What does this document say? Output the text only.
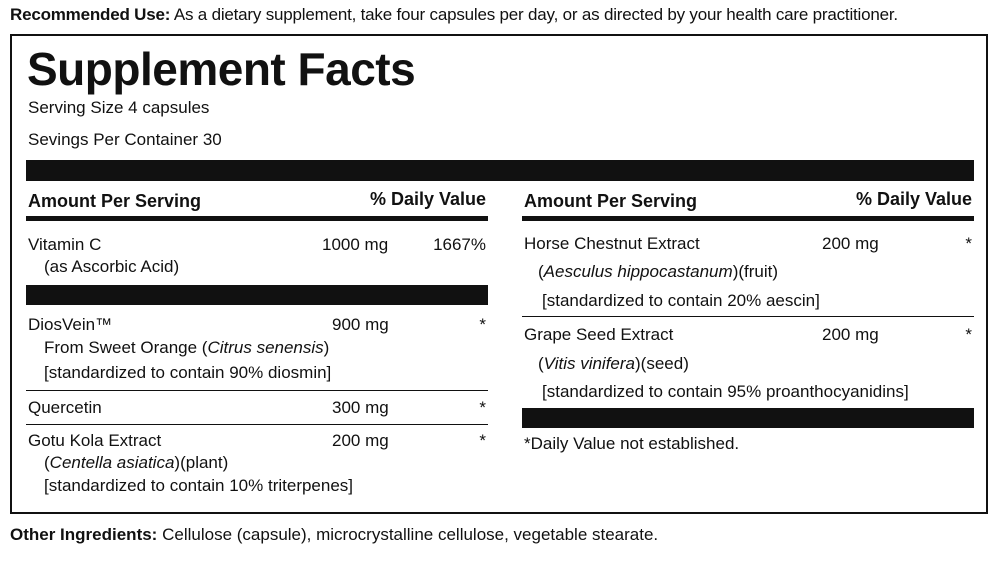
Recommended Use: As a dietary supplement, take four capsules per day, or as directed by your health care practitioner.
Supplement Facts
Serving Size 4 capsules
Sevings Per Container 30
Amount Per Serving	% Daily Value
Vitamin C
(as Ascorbic Acid)
1000 mg	1667%
DiosVein™
From Sweet Orange (Citrus senensis)
[standardized to contain 90% diosmin]
900 mg	*
Quercetin	300 mg	*
Gotu Kola Extract
(Centella asiatica)(plant)
[standardized to contain 10% triterpenes]
200 mg	*
Amount Per Serving	% Daily Value
Horse Chestnut Extract
(Aesculus hippocastanum)(fruit)
[standardized to contain 20% aescin]
200 mg	*
Grape Seed Extract
(Vitis vinifera)(seed)
[standardized to contain 95% proanthocyanidins]
200 mg	*
*Daily Value not established.
Other Ingredients: Cellulose (capsule), microcrystalline cellulose, vegetable stearate.
